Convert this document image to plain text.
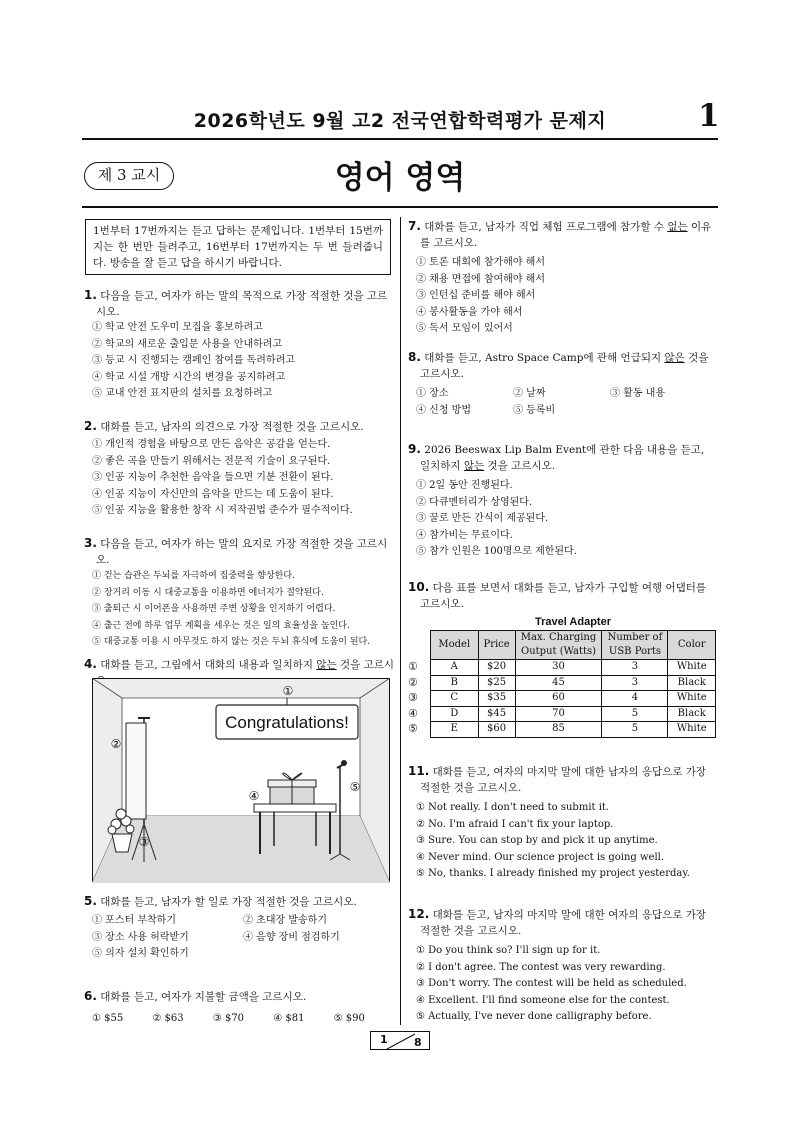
2026학년도 9월 고2 전국연합학력평가 문제지	1
제 3 교시	영어 영역
1번부터 17번까지는 듣고 답하는 문제입니다. 1번부터 15번까지는 한 번만 들려주고, 16번부터 17번까지는 두 번 들려줍니다. 방송을 잘 듣고 답을 하시기 바랍니다.
1. 다음을 듣고, 여자가 하는 말의 목적으로 가장 적절한 것을 고르시오.
① 학교 안전 도우미 모집을 홍보하려고
② 학교의 새로운 출입문 사용을 안내하려고
③ 등교 시 진행되는 캠페인 참여를 독려하려고
④ 학교 시설 개방 시간의 변경을 공지하려고
⑤ 교내 안전 표지판의 설치를 요청하려고
2. 대화를 듣고, 남자의 의견으로 가장 적절한 것을 고르시오.
① 개인적 경험을 바탕으로 만든 음악은 공감을 얻는다.
② 좋은 곡을 만들기 위해서는 전문적 기술이 요구된다.
③ 인공 지능이 추천한 음악을 들으면 기분 전환이 된다.
④ 인공 지능이 자신만의 음악을 만드는 데 도움이 된다.
⑤ 인공 지능을 활용한 창작 시 저작권법 준수가 필수적이다.
3. 다음을 듣고, 여자가 하는 말의 요지로 가장 적절한 것을 고르시오.
① 걷는 습관은 두뇌를 자극하여 집중력을 향상한다.
② 장거리 이동 시 대중교통을 이용하면 에너지가 절약된다.
③ 출퇴근 시 이어폰을 사용하면 주변 상황을 인지하기 어렵다.
④ 출근 전에 하루 업무 계획을 세우는 것은 일의 효율성을 높인다.
⑤ 대중교통 이용 시 아무것도 하지 않는 것은 두뇌 휴식에 도움이 된다.
4. 대화를 듣고, 그림에서 대화의 내용과 일치하지 않는 것을 고르시
Congratulations!
①
②
③
④
⑤
5. 대화를 듣고, 남자가 할 일로 가장 적절한 것을 고르시오.
① 포스터 부착하기	② 초대장 발송하기
③ 장소 사용 허락받기	④ 음향 장비 점검하기
⑤ 의자 설치 확인하기
6. 대화를 듣고, 여자가 지불할 금액을 고르시오.
① $55	② $63	③ $70	④ $81	⑤ $90
7. 대화를 듣고, 남자가 직업 체험 프로그램에 참가할 수 없는 이유를 고르시오.
① 토론 대회에 참가해야 해서
② 채용 면접에 참여해야 해서
③ 인턴십 준비를 해야 해서
④ 봉사활동을 가야 해서
⑤ 독서 모임이 있어서
8. 대화를 듣고, Astro Space Camp에 관해 언급되지 않은 것을 고르시오.
① 장소	② 날짜	③ 활동 내용
④ 신청 방법	⑤ 등록비
9. 2026 Beeswax Lip Balm Event에 관한 다음 내용을 듣고, 일치하지 않는 것을 고르시오.
① 2일 동안 진행된다.
② 다큐멘터리가 상영된다.
③ 꿀로 만든 간식이 제공된다.
④ 참가비는 무료이다.
⑤ 참가 인원은 100명으로 제한된다.
10. 다음 표를 보면서 대화를 듣고, 남자가 구입할 여행 어댑터를 고르시오.
Travel Adapter
①
②
③
④
⑤
Model	Price	Max. Charging Output (Watts)	Number of USB Ports	Color
A	$20	30	3	White
B	$25	45	3	Black
C	$35	60	4	White
D	$45	70	5	Black
E	$60	85	5	White
11. 대화를 듣고, 여자의 마지막 말에 대한 남자의 응답으로 가장 적절한 것을 고르시오.
① Not really. I don't need to submit it.
② No. I'm afraid I can't fix your laptop.
③ Sure. You can stop by and pick it up anytime.
④ Never mind. Our science project is going well.
⑤ No, thanks. I already finished my project yesterday.
12. 대화를 듣고, 남자의 마지막 말에 대한 여자의 응답으로 가장 적절한 것을 고르시오.
① Do you think so? I'll sign up for it.
② I don't agree. The contest was very rewarding.
③ Don't worry. The contest will be held as scheduled.
④ Excellent. I'll find someone else for the contest.
⑤ Actually, I've never done calligraphy before.
1 8
